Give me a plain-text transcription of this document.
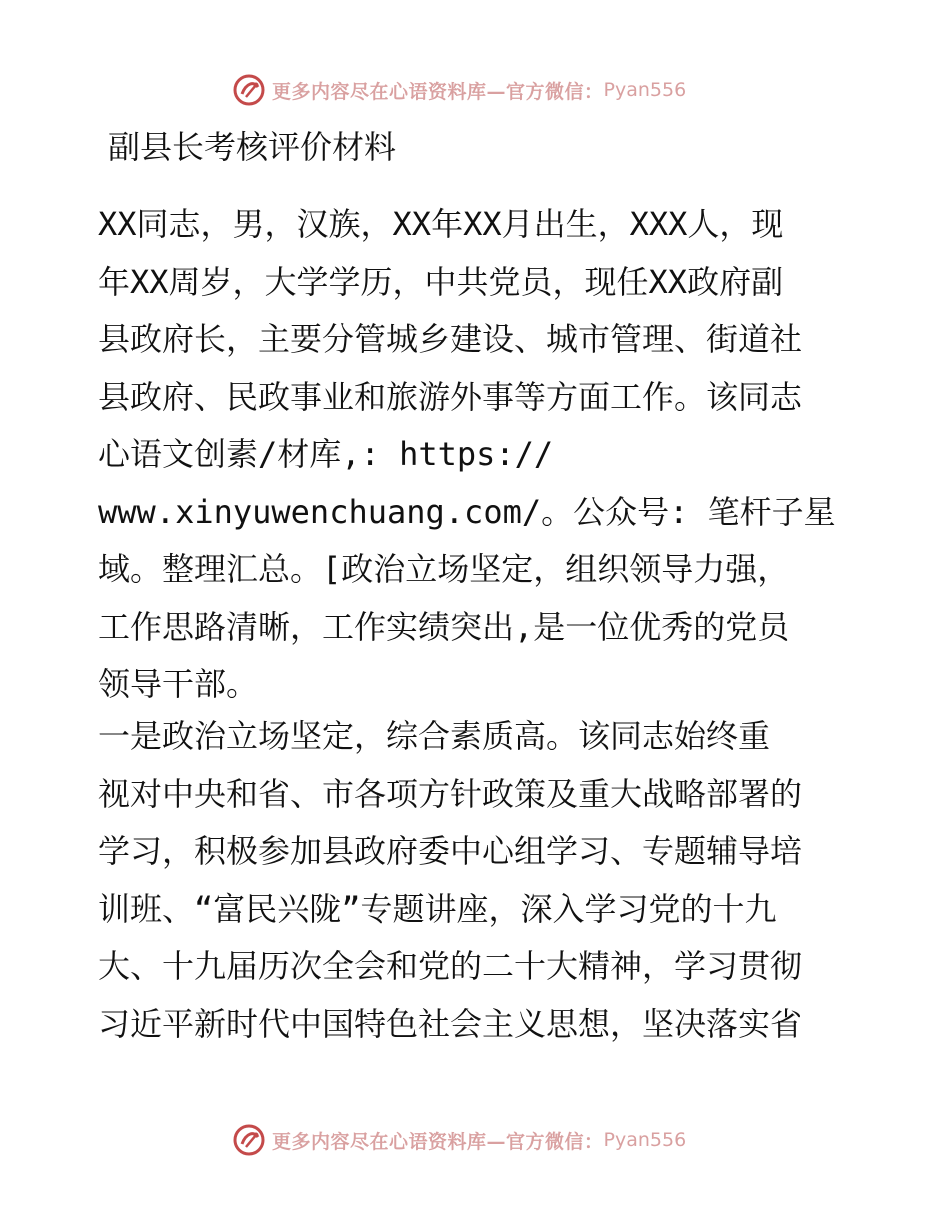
更多内容尽在心语资料库—官方微信： Pyan556
副县长考核评价材料
XX同志，男，汉族，XX年XX月出生，XXX人，现
年XX周岁，大学学历，中共党员，现任XX政府副
县政府长，主要分管城乡建设、城市管理、街道社
县政府、民政事业和旅游外事等方面工作。该同志
心语文创素/材库,: https://
www.xinyuwenchuang.com/。公众号: 笔杆子星
域。整理汇总。[政治立场坚定，组织领导力强，
工作思路清晰，工作实绩突出,是一位优秀的党员
领导干部。
一是政治立场坚定，综合素质高。该同志始终重
视对中央和省、市各项方针政策及重大战略部署的
学习，积极参加县政府委中心组学习、专题辅导培
训班、“富民兴陇”专题讲座，深入学习党的十九
大、十九届历次全会和党的二十大精神，学习贯彻
习近平新时代中国特色社会主义思想，坚决落实省
更多内容尽在心语资料库—官方微信： Pyan556
